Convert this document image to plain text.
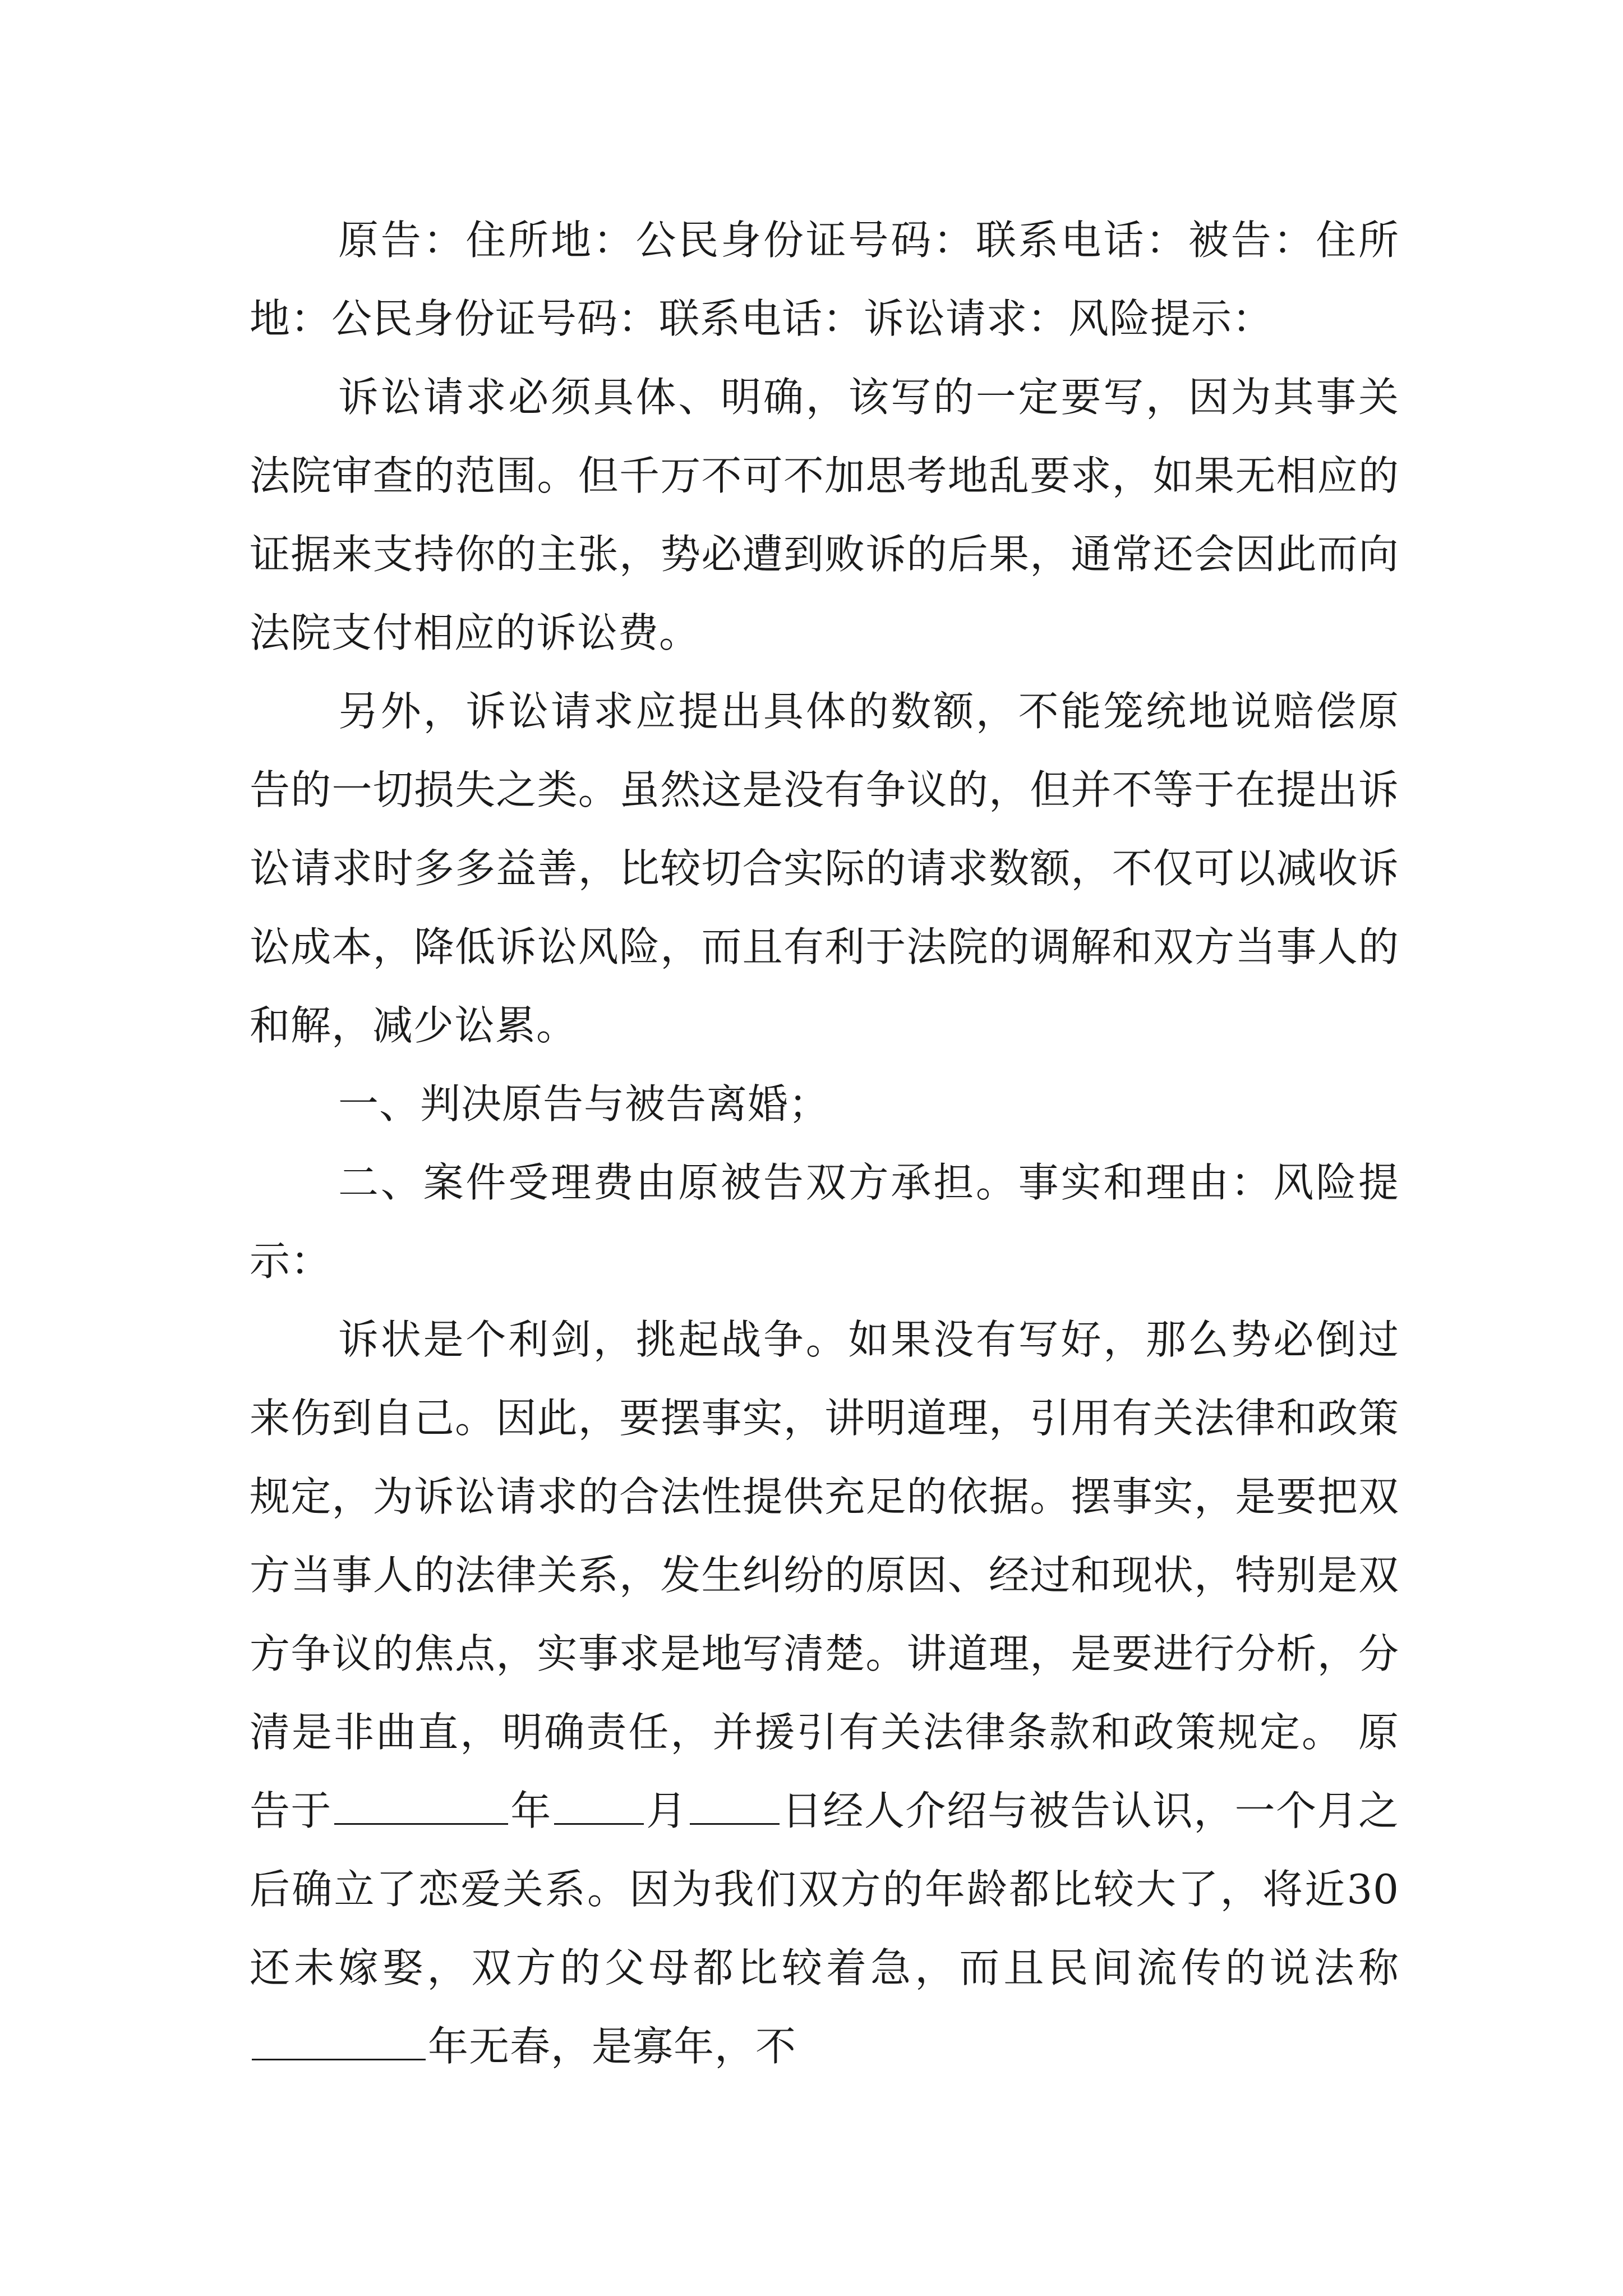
原告：住所地：公民身份证号码：联系电话：被告：住所地：公民身份证号码：联系电话：诉讼请求：风险提示：

诉讼请求必须具体、明确，该写的一定要写，因为其事关法院审查的范围。但千万不可不加思考地乱要求，如果无相应的证据来支持你的主张，势必遭到败诉的后果，通常还会因此而向法院支付相应的诉讼费。

另外，诉讼请求应提出具体的数额，不能笼统地说赔偿原告的一切损失之类。虽然这是没有争议的，但并不等于在提出诉讼请求时多多益善，比较切合实际的请求数额，不仅可以减收诉讼成本，降低诉讼风险，而且有利于法院的调解和双方当事人的和解，减少讼累。

一、判决原告与被告离婚；

二、案件受理费由原被告双方承担。事实和理由：风险提示：

诉状是个利剑，挑起战争。如果没有写好，那么势必倒过来伤到自己。因此，要摆事实，讲明道理，引用有关法律和政策规定，为诉讼请求的合法性提供充足的依据。摆事实，是要把双方当事人的法律关系，发生纠纷的原因、经过和现状，特别是双方争议的焦点，实事求是地写清楚。讲道理，是要进行分析，分清是非曲直，明确责任，并援引有关法律条款和政策规定。 原告于	年 月 日经人介绍与被告认识，一个月之后确立了恋爱关系。因为我们双方的年龄都比较大了，将近30还未嫁娶，双方的父母都比较着急，而且民间流传的说法称年无春，是寡年，不
